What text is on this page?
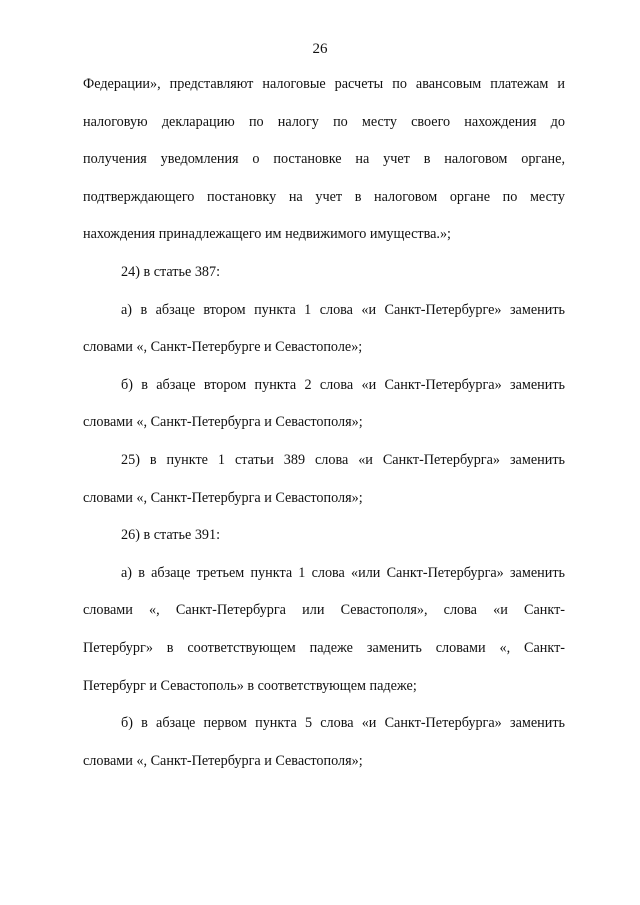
26
Федерации», представляют налоговые расчеты по авансовым платежам и
налоговую декларацию по налогу по месту своего нахождения до
получения уведомления о постановке на учет в налоговом органе,
подтверждающего постановку на учет в налоговом органе по месту
нахождения принадлежащего им недвижимого имущества.»;
24) в статье 387:
а) в абзаце втором пункта 1 слова «и Санкт-Петербурге» заменить
словами «, Санкт-Петербурге и Севастополе»;
б) в абзаце втором пункта 2 слова «и Санкт-Петербурга» заменить
словами «, Санкт-Петербурга и Севастополя»;
25) в пункте 1 статьи 389 слова «и Санкт-Петербурга» заменить
словами «, Санкт-Петербурга и Севастополя»;
26) в статье 391:
а) в абзаце третьем пункта 1 слова «или Санкт-Петербурга» заменить
словами «, Санкт-Петербурга или Севастополя», слова «и Санкт-
Петербург» в соответствующем падеже заменить словами «, Санкт-
Петербург и Севастополь» в соответствующем падеже;
б) в абзаце первом пункта 5 слова «и Санкт-Петербурга» заменить
словами «, Санкт-Петербурга и Севастополя»;
